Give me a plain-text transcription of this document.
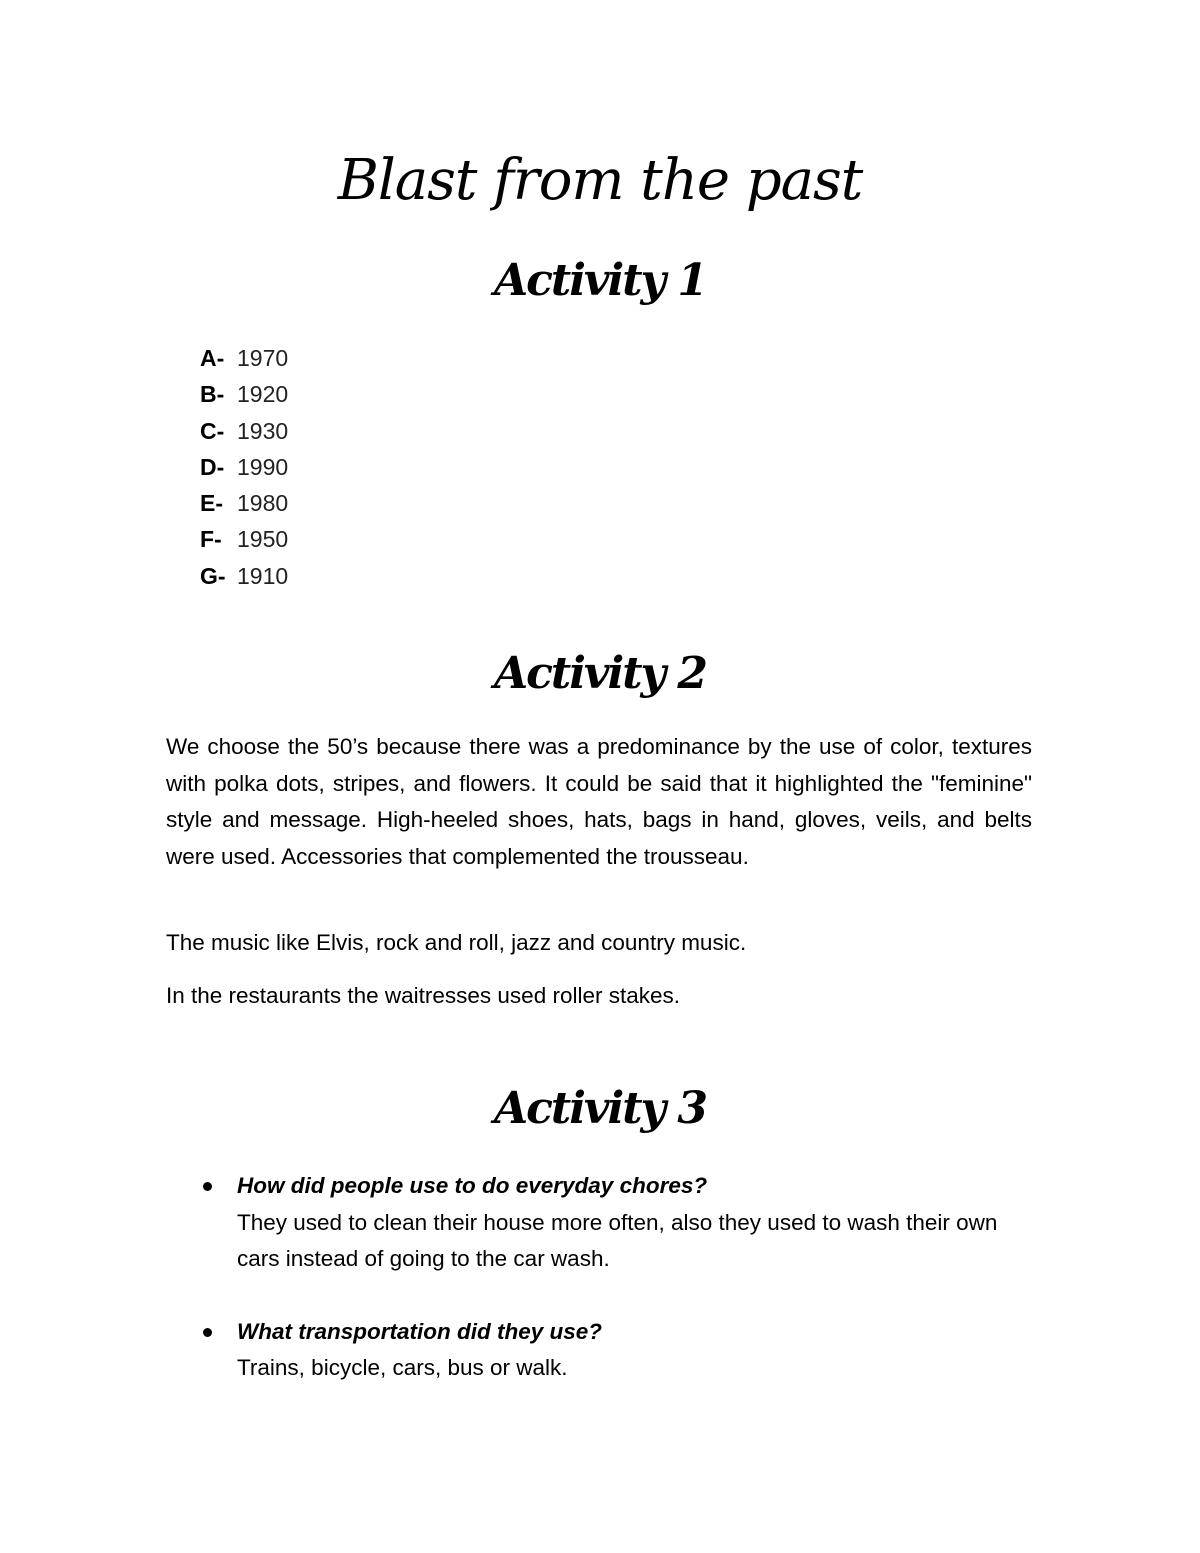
Blast from the past
Activity 1
A- 1970
B- 1920
C- 1930
D- 1990
E- 1980
F- 1950
G- 1910
Activity 2

We choose the 50’s because there was a predominance by the use of color, textures with polka dots, stripes, and flowers. It could be said that it highlighted the "feminine" style and message. High-heeled shoes, hats, bags in hand, gloves, veils, and belts were used. Accessories that complemented the trousseau.

The music like Elvis, rock and roll, jazz and country music.

In the restaurants the waitresses used roller stakes.

Activity 3
How did people use to do everyday chores?
They used to clean their house more often, also they used to wash their own cars instead of going to the car wash.
What transportation did they use?
Trains, bicycle, cars, bus or walk.
